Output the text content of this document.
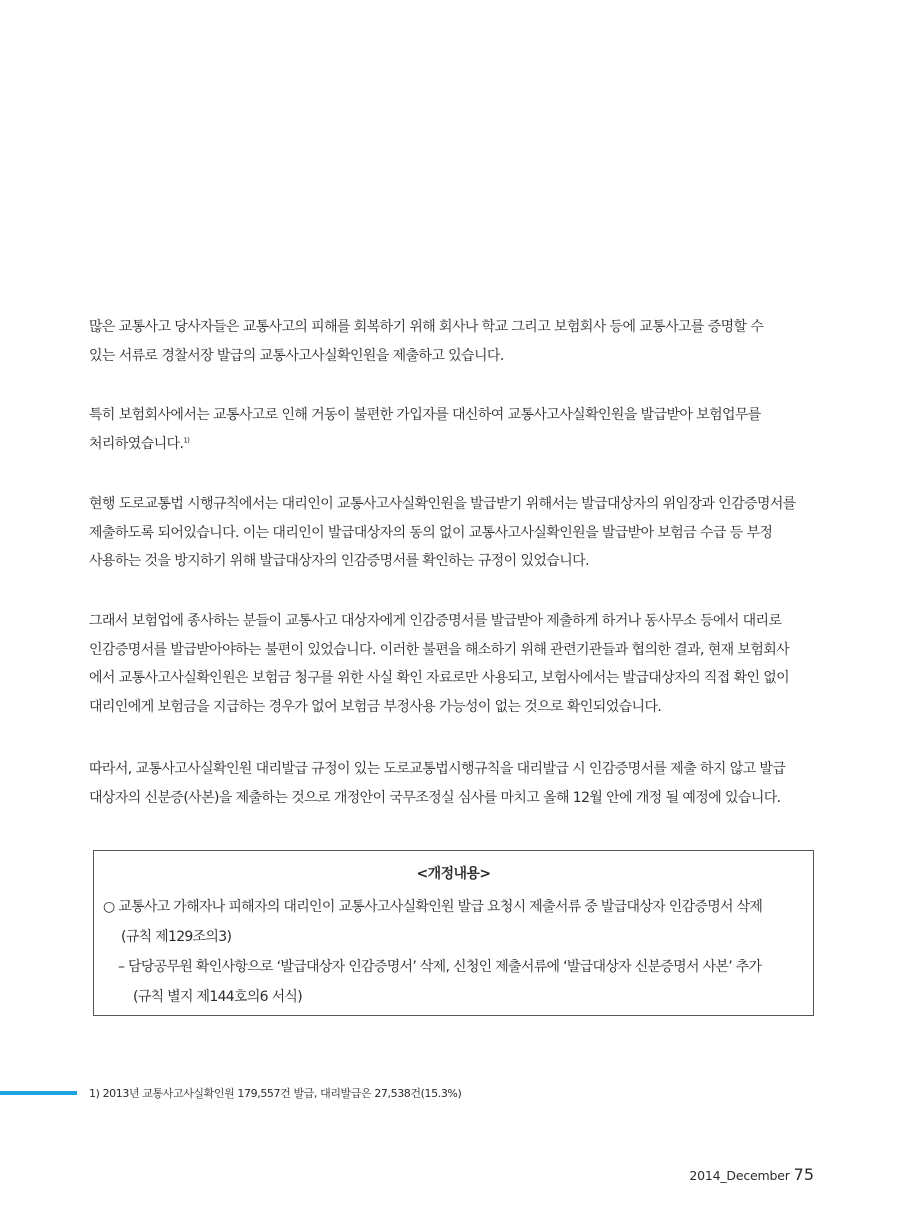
많은 교통사고 당사자들은 교통사고의 피해를 회복하기 위해 회사나 학교 그리고 보험회사 등에 교통사고를 증명할 수
있는 서류로 경찰서장 발급의 교통사고사실확인원을 제출하고 있습니다.
특히 보험회사에서는 교통사고로 인해 거동이 불편한 가입자를 대신하여 교통사고사실확인원을 발급받아 보험업무를
처리하였습니다.$^{1)}$
현행 도로교통법 시행규칙에서는 대리인이 교통사고사실확인원을 발급받기 위해서는 발급대상자의 위임장과 인감증명서를
제출하도록 되어있습니다. 이는 대리인이 발급대상자의 동의 없이 교통사고사실확인원을 발급받아 보험금 수급 등 부정
사용하는 것을 방지하기 위해 발급대상자의 인감증명서를 확인하는 규정이 있었습니다.
그래서 보험업에 종사하는 분들이 교통사고 대상자에게 인감증명서를 발급받아 제출하게 하거나 동사무소 등에서 대리로
인감증명서를 발급받아야하는 불편이 있었습니다. 이러한 불편을 해소하기 위해 관련기관들과 협의한 결과, 현재 보험회사
에서 교통사고사실확인원은 보험금 청구를 위한 사실 확인 자료로만 사용되고, 보험사에서는 발급대상자의 직접 확인 없이
대리인에게 보험금을 지급하는 경우가 없어 보험금 부정사용 가능성이 없는 것으로 확인되었습니다.
따라서, 교통사고사실확인원 대리발급 규정이 있는 도로교통법시행규칙을 대리발급 시 인감증명서를 제출 하지 않고 발급
대상자의 신분증(사본)을 제출하는 것으로 개정안이 국무조정실 심사를 마치고 올해 12월 안에 개정 될 예정에 있습니다.

<개정내용>

○ 교통사고 가해자나 피해자의 대리인이 교통사고사실확인원 발급 요청시 제출서류 중 발급대상자 인감증명서 삭제

(규칙 제129조의3)

– 담당공무원 확인사항으로 ‘발급대상자 인감증명서’ 삭제, 신청인 제출서류에 ‘발급대상자 신분증명서 사본’ 추가

(규칙 별지 제144호의6 서식)

1) 2013년 교통사고사실확인원 179,557건 발급, 대리발급은 27,538건(15.3%)

2014_December 75
